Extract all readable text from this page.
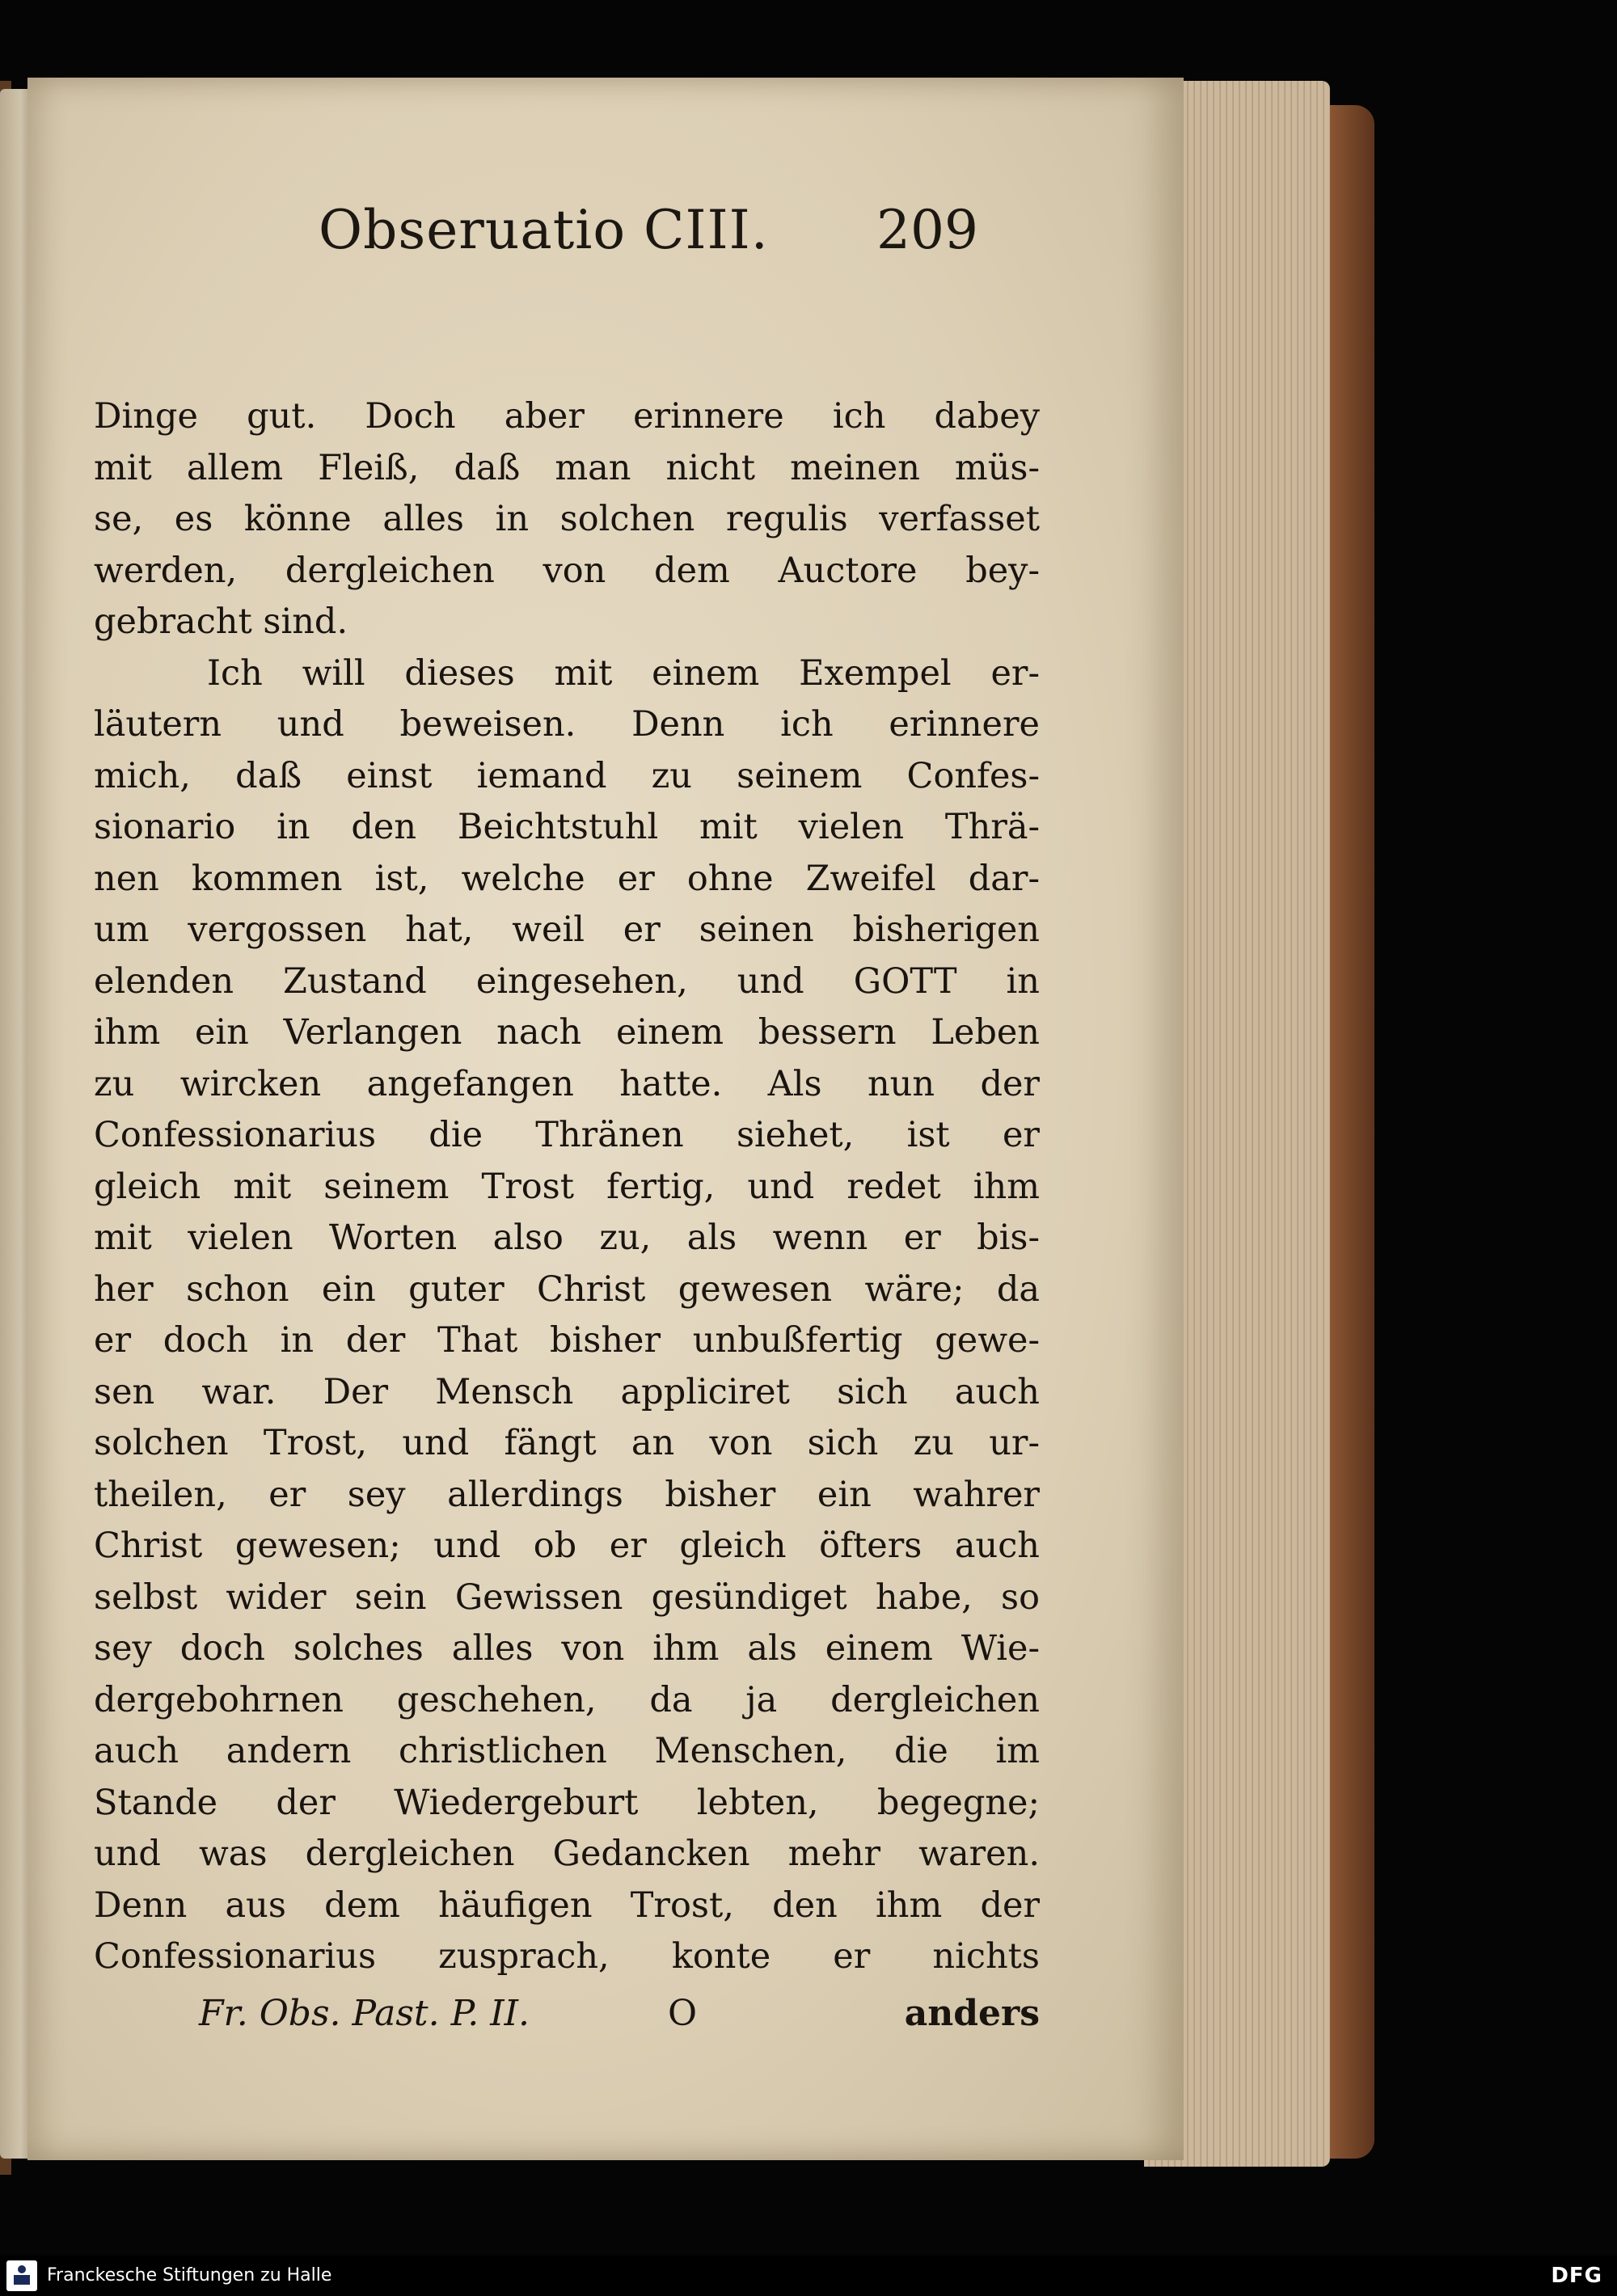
Obseruatio CIII. 209
Dinge gut. Doch aber erinnere ich dabey
mit allem Fleiß, daß man nicht meinen müs-
se, es könne alles in solchen regulis verfasset
werden, dergleichen von dem Auctore bey-
gebracht sind.
Ich will dieses mit einem Exempel er-
läutern und beweisen. Denn ich erinnere
mich, daß einst iemand zu seinem Confes-
sionario in den Beichtstuhl mit vielen Thrä-
nen kommen ist, welche er ohne Zweifel dar-
um vergossen hat, weil er seinen bisherigen
elenden Zustand eingesehen, und GOTT in
ihm ein Verlangen nach einem bessern Leben
zu wircken angefangen hatte. Als nun der
Confessionarius die Thränen siehet, ist er
gleich mit seinem Trost fertig, und redet ihm
mit vielen Worten also zu, als wenn er bis-
her schon ein guter Christ gewesen wäre; da
er doch in der That bisher unbußfertig gewe-
sen war. Der Mensch appliciret sich auch
solchen Trost, und fängt an von sich zu ur-
theilen, er sey allerdings bisher ein wahrer
Christ gewesen; und ob er gleich öfters auch
selbst wider sein Gewissen gesündiget habe, so
sey doch solches alles von ihm als einem Wie-
dergebohrnen geschehen, da ja dergleichen
auch andern christlichen Menschen, die im
Stande der Wiedergeburt lebten, begegne;
und was dergleichen Gedancken mehr waren.
Denn aus dem häufigen Trost, den ihm der
Confessionarius zusprach, konte er nichts
Fr. Obs. Past. P. II.	O	anders
Franckesche Stiftungen zu Halle	DFG
